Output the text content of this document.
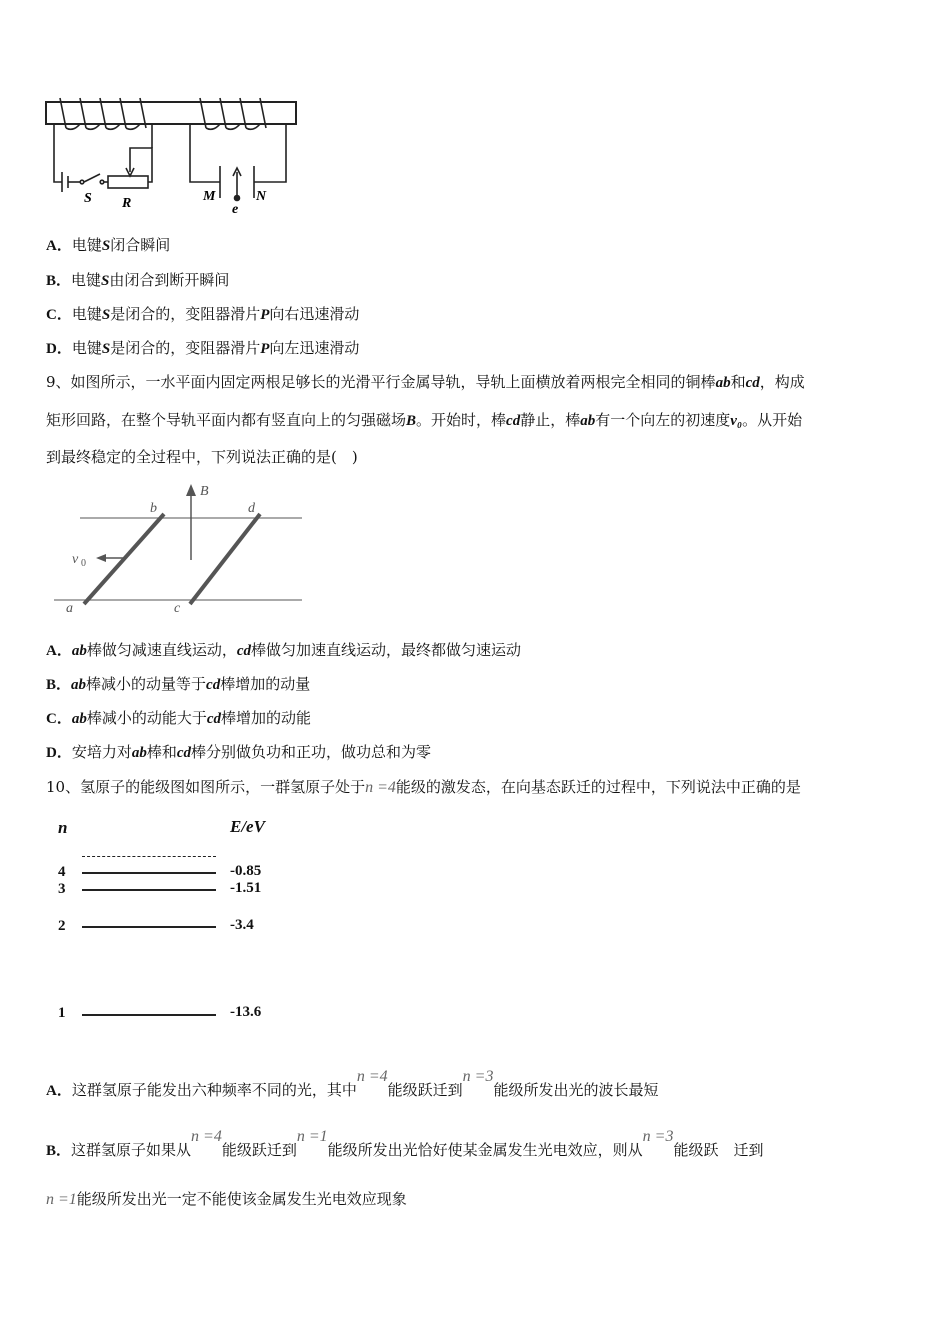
S R	M
e
N
A．电键S闭合瞬间
B．电键S由闭合到断开瞬间
C．电键S是闭合的，变阻器滑片P向右迅速滑动
D．电键S是闭合的，变阻器滑片P向左迅速滑动
9、如图所示，一水平面内固定两根足够长的光滑平行金属导轨，导轨上面横放着两根完全相同的铜棒ab和cd，构成
矩形回路，在整个导轨平面内都有竖直向上的匀强磁场B。开始时，棒cd静止，棒ab有一个向左的初速度v₀。从开始
到最终稳定的全过程中，下列说法正确的是(　)
b	d
B
v 0
a	c
A．ab棒做匀减速直线运动，cd棒做匀加速直线运动，最终都做匀速运动
B．ab棒减小的动量等于cd棒增加的动量
C．ab棒减小的动能大于cd棒增加的动能
D．安培力对ab棒和cd棒分别做负功和正功，做功总和为零
10、氢原子的能级图如图所示，一群氢原子处于n =4能级的激发态，在向基态跃迁的过程中，下列说法中正确的是
n	E/eV
4	-0.85
3	-1.51
2	-3.4
1	-13.6
A．这群氢原子能发出六种频率不同的光，其中n =4能级跃迁到n =3能级所发出光的波长最短
B．这群氢原子如果从n =4能级跃迁到n =1能级所发出光恰好使某金属发生光电效应，则从n =3能级跃　迁到
n =1能级所发出光一定不能使该金属发生光电效应现象
